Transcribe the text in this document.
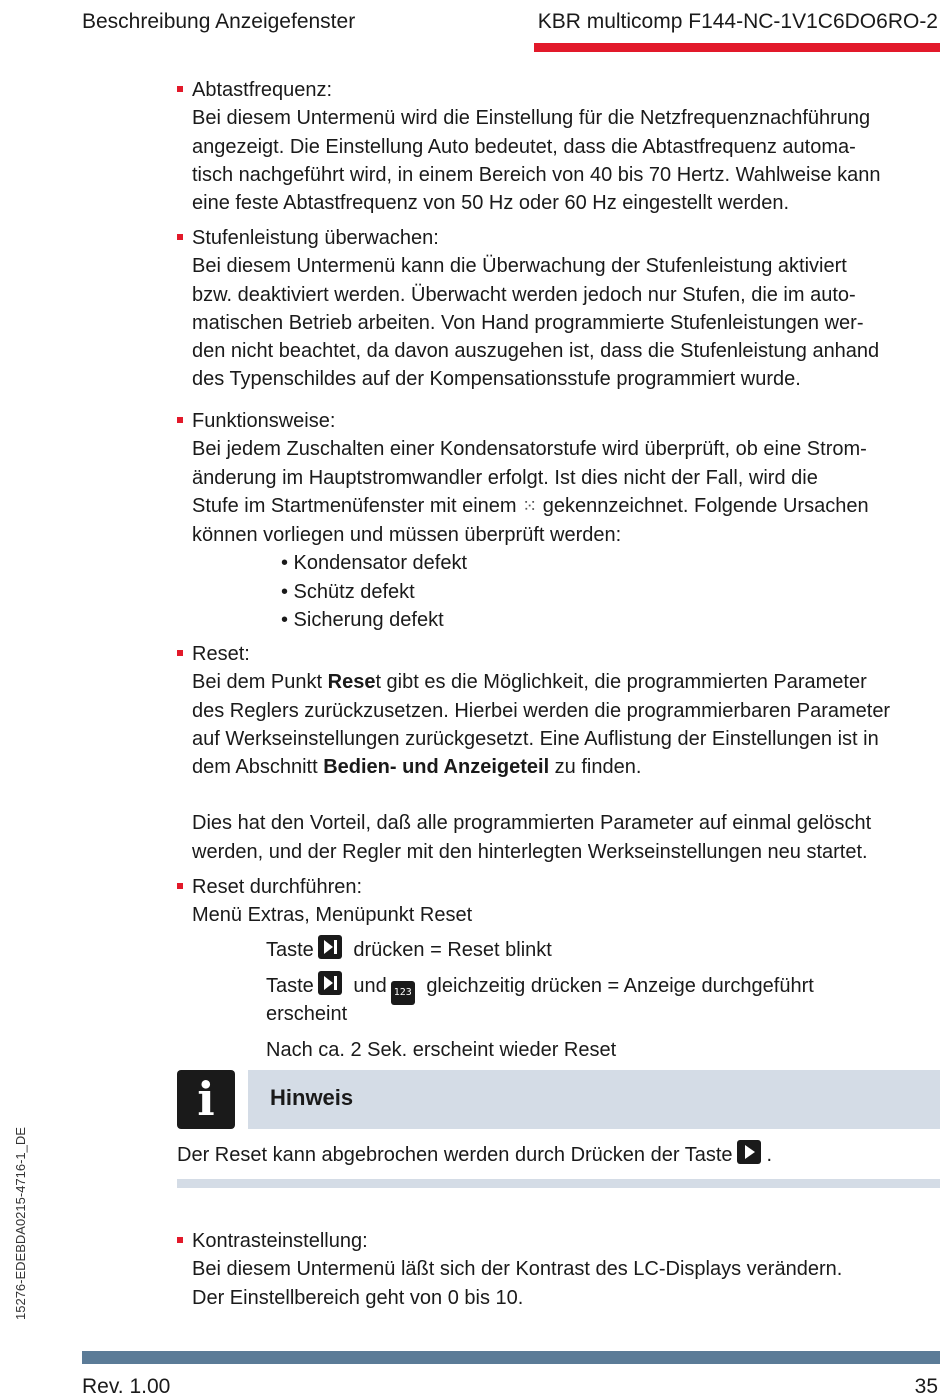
Beschreibung Anzeigefenster	KBR multicomp F144-NC-1V1C6DO6RO-2
Abtastfrequenz:
Bei diesem Untermenü wird die Einstellung für die Netzfrequenznachführung
angezeigt. Die Einstellung Auto bedeutet, dass die Abtastfrequenz automa-
tisch nachgeführt wird, in einem Bereich von 40 bis 70 Hertz. Wahlweise kann
eine feste Abtastfrequenz von 50 Hz oder 60 Hz eingestellt werden.
Stufenleistung überwachen:
Bei diesem Untermenü kann die Überwachung der Stufenleistung aktiviert
bzw. deaktiviert werden. Überwacht werden jedoch nur Stufen, die im auto-
matischen Betrieb arbeiten. Von Hand programmierte Stufenleistungen wer-
den nicht beachtet, da davon auszugehen ist, dass die Stufenleistung anhand
des Typenschildes auf der Kompensationsstufe programmiert wurde.
Funktionsweise:
Bei jedem Zuschalten einer Kondensatorstufe wird überprüft, ob eine Strom-
änderung im Hauptstromwandler erfolgt. Ist dies nicht der Fall, wird die
Stufe im Startmenüfenster mit einem ⁙ gekennzeichnet. Folgende Ursachen
können vorliegen und müssen überprüft werden:
• Kondensator defekt
• Schütz defekt
• Sicherung defekt
Reset:
Bei dem Punkt Reset gibt es die Möglichkeit, die programmierten Parameter
des Reglers zurückzusetzen. Hierbei werden die programmierbaren Parameter
auf Werkseinstellungen zurückgesetzt. Eine Auflistung der Einstellungen ist in
dem Abschnitt Bedien- und Anzeigeteil zu finden.
Dies hat den Vorteil, daß alle programmierten Parameter auf einmal gelöscht
werden, und der Regler mit den hinterlegten Werkseinstellungen neu startet.
Reset durchführen:
Menü Extras, Menüpunkt Reset
Taste drücken = Reset blinkt
Taste und 123 gleichzeitig drücken = Anzeige durchgeführt
erscheint
Nach ca. 2 Sek. erscheint wieder Reset
i	Hinweis
Der Reset kann abgebrochen werden durch Drücken der Taste .
Kontrasteinstellung:
Bei diesem Untermenü läßt sich der Kontrast des LC-Displays verändern.
Der Einstellbereich geht von 0 bis 10.
15276-EDEBDA0215-4716-1_DE
Rev. 1.00	35
